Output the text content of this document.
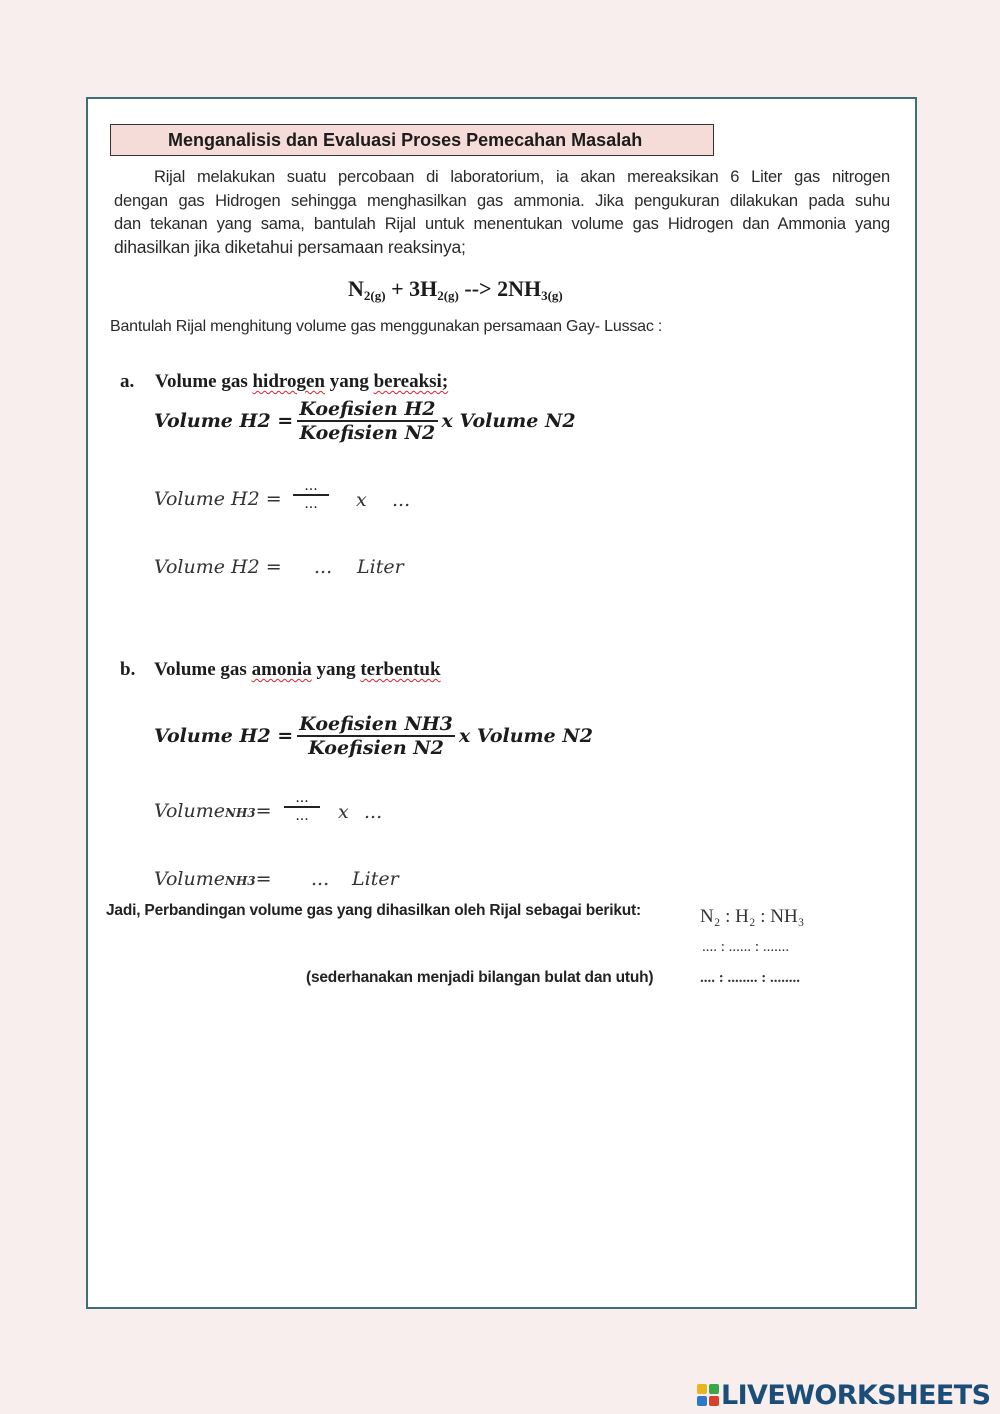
Menganalisis dan Evaluasi Proses Pemecahan Masalah
Rijal melakukan suatu percobaan di laboratorium, ia akan mereaksikan 6 Liter gas nitrogen
dengan gas Hidrogen sehingga menghasilkan gas ammonia. Jika pengukuran dilakukan pada suhu
dan tekanan yang sama, bantulah Rijal untuk menentukan volume gas Hidrogen dan Ammonia yang
dihasilkan jika diketahui persamaan reaksinya;
$N_{2(g)} + 3H_{2(g)}$ --> $2NH_{3(g)}$
Bantulah Rijal menghitung volume gas menggunakan persamaan Gay- Lussac :
a. Volume gas hidrogen yang bereaksi;
Volume $H2 = \frac{\text{Koefisien H2}}{\text{Koefisien N2}}$ x Volume N2
Volume H2 =
...
...	x ...
Volume H2 = ... Liter
b. Volume gas amonia yang terbentuk
Volume $H2 = \frac{\text{Koefisien NH3}}{\text{Koefisien N2}}$ x Volume N2
VolumeNH3=
...
...	x ...
VolumeNH3= ... Liter
Jadi, Perbandingan volume gas yang dihasilkan oleh Rijal sebagai berikut:	N₂ : H₂ : NH₃
.... : ...... : .......
(sederhanakan menjadi bilangan bulat dan utuh)	.... : ........ : ........
LIVEWORKSHEETS
